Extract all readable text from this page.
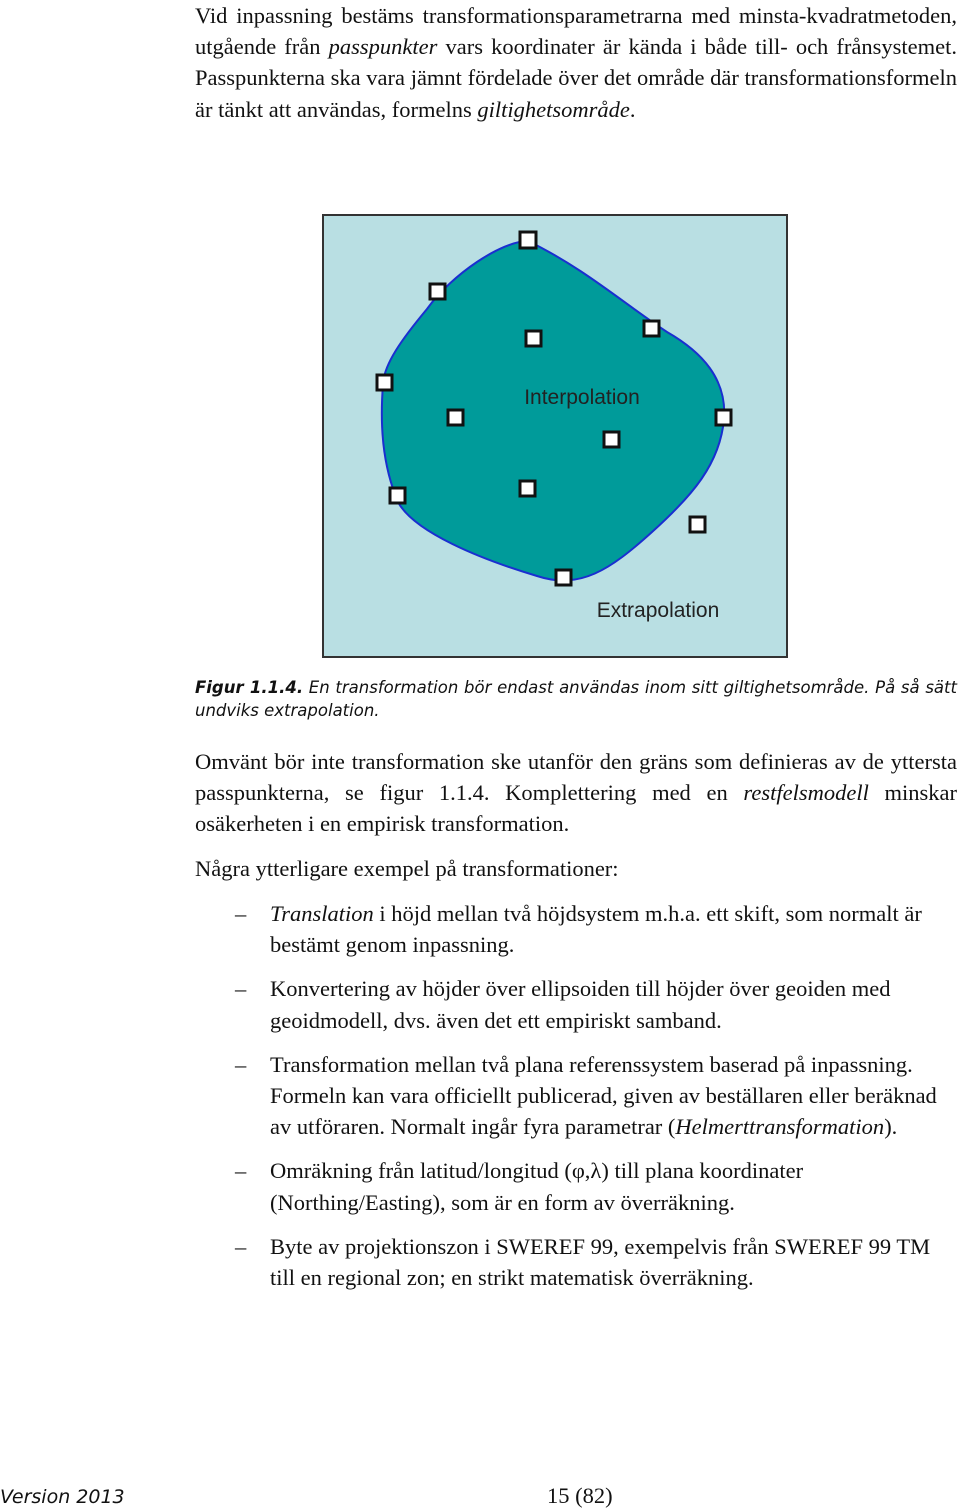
Vid inpassning bestäms transformationsparametrarna med minsta-kvadratmetoden, utgående från passpunkter vars koordinater är kända i både till- och frånsystemet. Passpunkterna ska vara jämnt fördelade över det område där transformationsformeln är tänkt att användas, formelns giltighetsområde.
Interpolation
Extrapolation
Figur 1.1.4. En transformation bör endast användas inom sitt giltighetsområde. På så sätt undviks extrapolation.
Omvänt bör inte transformation ske utanför den gräns som definieras av de yttersta passpunkterna, se figur 1.1.4. Komplettering med en restfelsmodell minskar osäkerheten i en empirisk transformation.
Några ytterligare exempel på transformationer:
– Translation i höjd mellan två höjdsystem m.h.a. ett skift, som normalt är bestämt genom inpassning.
– Konvertering av höjder över ellipsoiden till höjder över geoiden med geoidmodell, dvs. även det ett empiriskt samband.
– Transformation mellan två plana referenssystem baserad på inpassning. Formeln kan vara officiellt publicerad, given av beställaren eller beräknad av utföraren. Normalt ingår fyra parametrar (Helmerttransformation).
– Omräkning från latitud/longitud (φ,λ) till plana koordinater (Northing/Easting), som är en form av överräkning.
– Byte av projektionszon i SWEREF 99, exempelvis från SWEREF 99 TM till en regional zon; en strikt matematisk överräkning.
Version 2013	15 (82)
